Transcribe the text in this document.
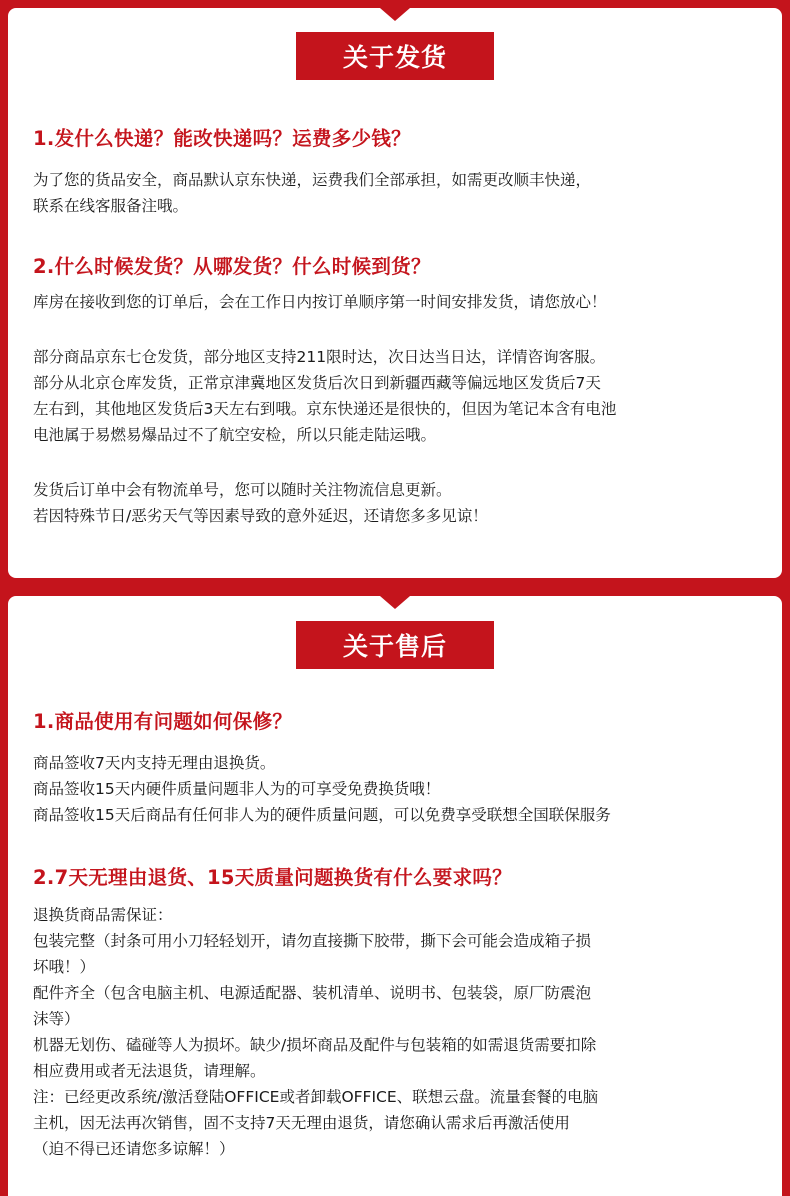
关于发货
1.发什么快递？能改快递吗？运费多少钱？

为了您的货品安全，商品默认京东快递，运费我们全部承担，如需更改顺丰快递，

联系在线客服备注哦。

2.什么时候发货？从哪发货？什么时候到货？

库房在接收到您的订单后，会在工作日内按订单顺序第一时间安排发货，请您放心！

部分商品京东七仓发货，部分地区支持211限时达，次日达当日达，详情咨询客服。

部分从北京仓库发货，正常京津冀地区发货后次日到新疆西藏等偏远地区发货后7天

左右到，其他地区发货后3天左右到哦。京东快递还是很快的，但因为笔记本含有电池

电池属于易燃易爆品过不了航空安检，所以只能走陆运哦。

发货后订单中会有物流单号，您可以随时关注物流信息更新。

若因特殊节日/恶劣天气等因素导致的意外延迟，还请您多多见谅！

关于售后
1.商品使用有问题如何保修？

商品签收7天内支持无理由退换货。

商品签收15天内硬件质量问题非人为的可享受免费换货哦！

商品签收15天后商品有任何非人为的硬件质量问题，可以免费享受联想全国联保服务

2.7天无理由退货、15天质量问题换货有什么要求吗？

退换货商品需保证：

包装完整（封条可用小刀轻轻划开，请勿直接撕下胶带，撕下会可能会造成箱子损

坏哦！）

配件齐全（包含电脑主机、电源适配器、装机清单、说明书、包装袋，原厂防震泡

沫等）

机器无划伤、磕碰等人为损坏。缺少/损坏商品及配件与包装箱的如需退货需要扣除

相应费用或者无法退货，请理解。

注：已经更改系统/激活登陆OFFICE或者卸载OFFICE、联想云盘。流量套餐的电脑

主机，因无法再次销售，固不支持7天无理由退货，请您确认需求后再激活使用

（迫不得已还请您多谅解！）
